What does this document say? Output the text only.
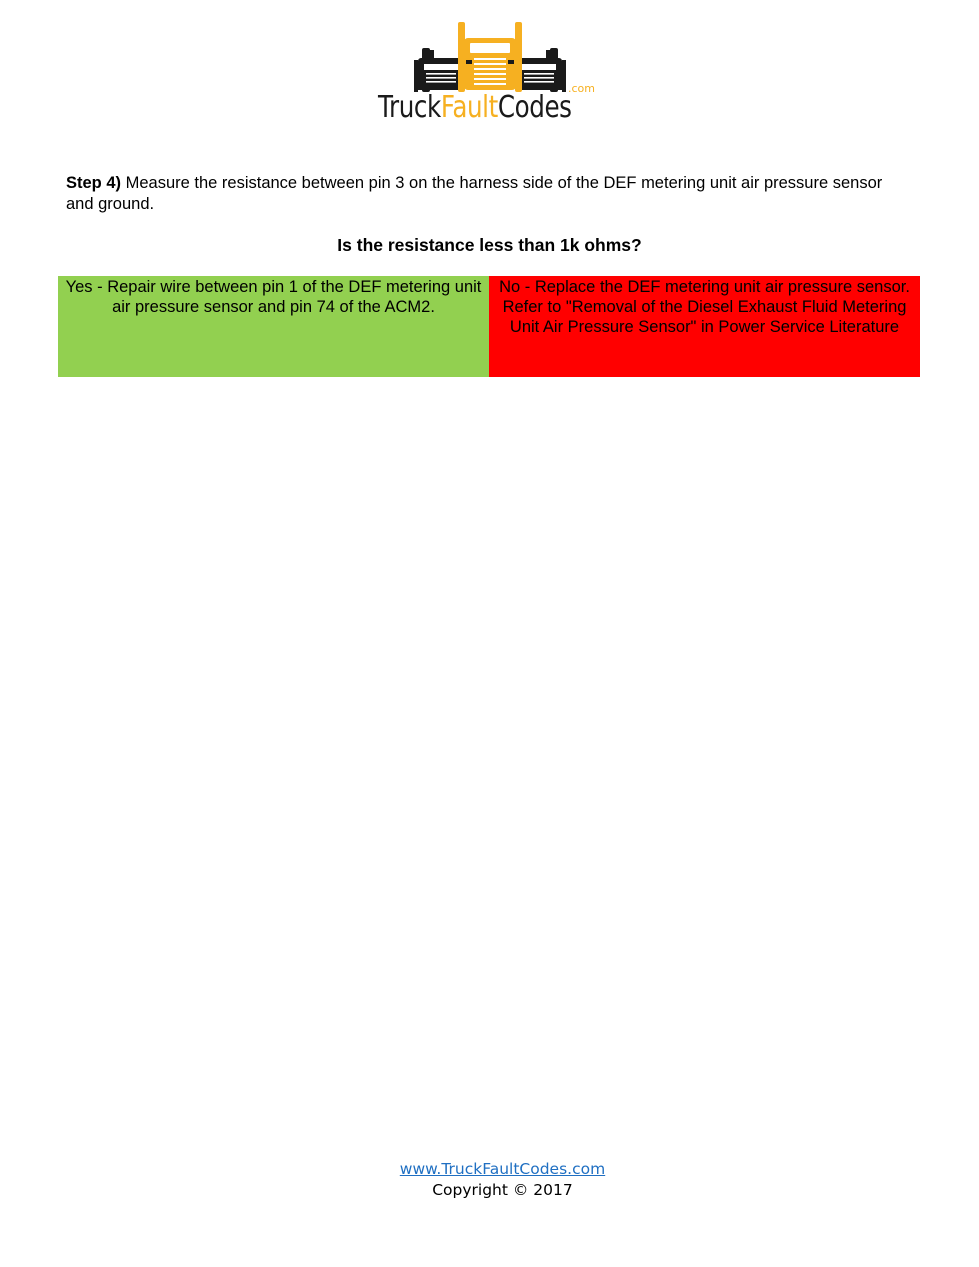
TruckFaultCodes
.com
Step 4) Measure the resistance between pin 3 on the harness side of the DEF metering unit air pressure sensor and ground.
Is the resistance less than 1k ohms?
Yes - Repair wire between pin 1 of the DEF metering unit air pressure sensor and pin 74 of the ACM2.
No - Replace the DEF metering unit air pressure sensor.
Refer to "Removal of the Diesel Exhaust Fluid Metering Unit Air Pressure Sensor" in Power Service Literature
www.TruckFaultCodes.com
Copyright © 2017
